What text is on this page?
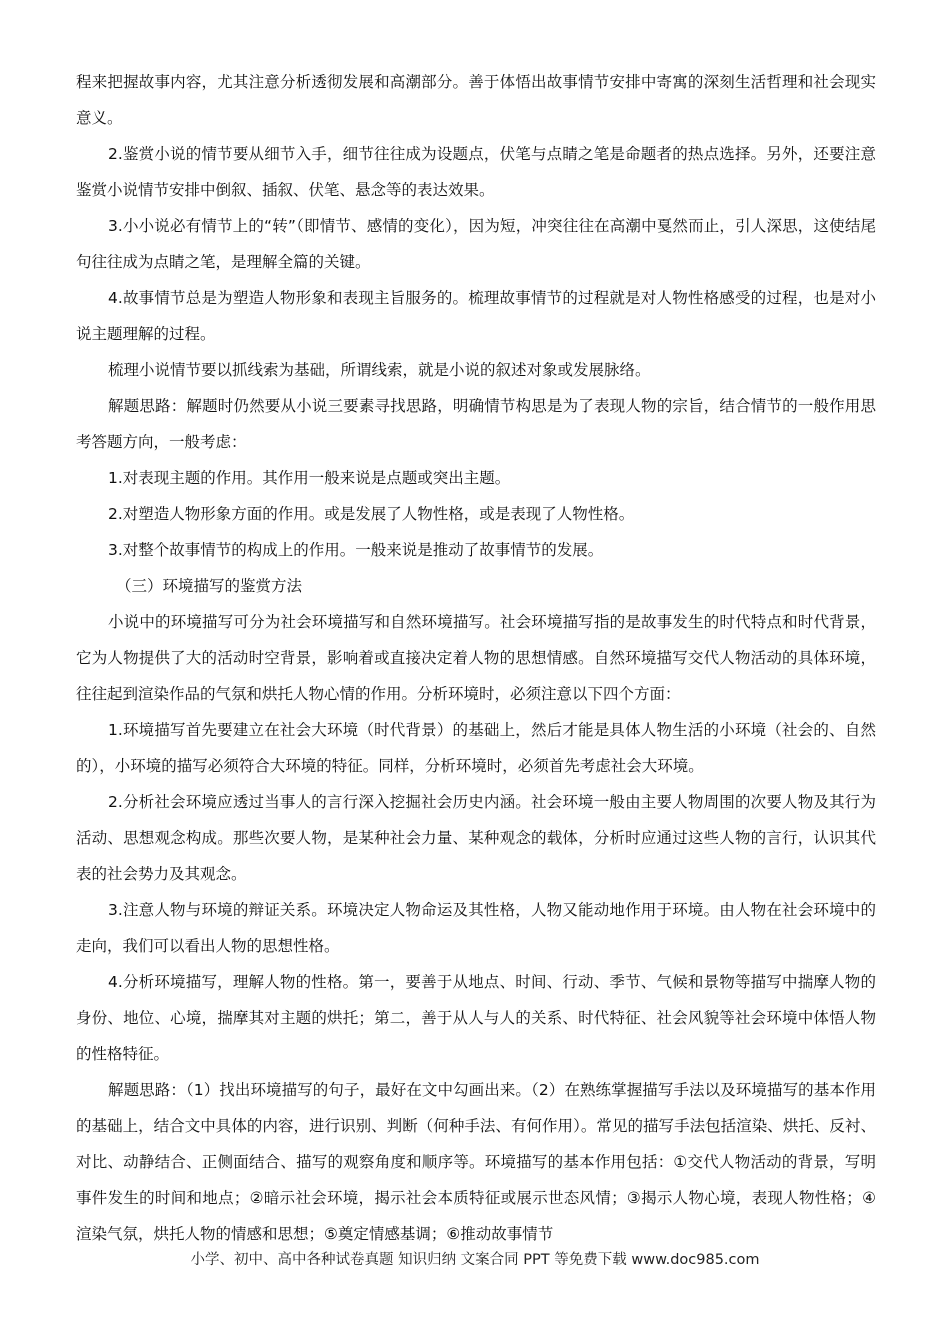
程来把握故事内容，尤其注意分析透彻发展和高潮部分。善于体悟出故事情节安排中寄寓的深刻生活哲理和社会现实意义。

2.鉴赏小说的情节要从细节入手，细节往往成为设题点，伏笔与点睛之笔是命题者的热点选择。另外，还要注意鉴赏小说情节安排中倒叙、插叙、伏笔、悬念等的表达效果。

3.小小说必有情节上的“转”（即情节、感情的变化），因为短，冲突往往在高潮中戛然而止，引人深思，这使结尾句往往成为点睛之笔，是理解全篇的关键。

4.故事情节总是为塑造人物形象和表现主旨服务的。梳理故事情节的过程就是对人物性格感受的过程，也是对小说主题理解的过程。

梳理小说情节要以抓线索为基础，所谓线索，就是小说的叙述对象或发展脉络。

解题思路：解题时仍然要从小说三要素寻找思路，明确情节构思是为了表现人物的宗旨，结合情节的一般作用思考答题方向，一般考虑：

1.对表现主题的作用。其作用一般来说是点题或突出主题。

2.对塑造人物形象方面的作用。或是发展了人物性格，或是表现了人物性格。

3.对整个故事情节的构成上的作用。一般来说是推动了故事情节的发展。

（三）环境描写的鉴赏方法

小说中的环境描写可分为社会环境描写和自然环境描写。社会环境描写指的是故事发生的时代特点和时代背景，它为人物提供了大的活动时空背景，影响着或直接决定着人物的思想情感。自然环境描写交代人物活动的具体环境，往往起到渲染作品的气氛和烘托人物心情的作用。分析环境时，必须注意以下四个方面：

1.环境描写首先要建立在社会大环境（时代背景）的基础上，然后才能是具体人物生活的小环境（社会的、自然的），小环境的描写必须符合大环境的特征。同样，分析环境时，必须首先考虑社会大环境。

2.分析社会环境应透过当事人的言行深入挖掘社会历史内涵。社会环境一般由主要人物周围的次要人物及其行为活动、思想观念构成。那些次要人物，是某种社会力量、某种观念的载体，分析时应通过这些人物的言行，认识其代表的社会势力及其观念。

3.注意人物与环境的辩证关系。环境决定人物命运及其性格，人物又能动地作用于环境。由人物在社会环境中的走向，我们可以看出人物的思想性格。

4.分析环境描写，理解人物的性格。第一，要善于从地点、时间、行动、季节、气候和景物等描写中揣摩人物的身份、地位、心境，揣摩其对主题的烘托；第二，善于从人与人的关系、时代特征、社会风貌等社会环境中体悟人物的性格特征。

解题思路：（1）找出环境描写的句子，最好在文中勾画出来。（2）在熟练掌握描写手法以及环境描写的基本作用的基础上，结合文中具体的内容，进行识别、判断（何种手法、有何作用）。常见的描写手法包括渲染、烘托、反衬、对比、动静结合、正侧面结合、描写的观察角度和顺序等。环境描写的基本作用包括：①交代人物活动的背景，写明事件发生的时间和地点；②暗示社会环境，揭示社会本质特征或展示世态风情；③揭示人物心境，表现人物性格；④渲染气氛，烘托人物的情感和思想；⑤奠定情感基调；⑥推动故事情节

小学、初中、高中各种试卷真题 知识归纳 文案合同 PPT 等免费下载 www.doc985.com
